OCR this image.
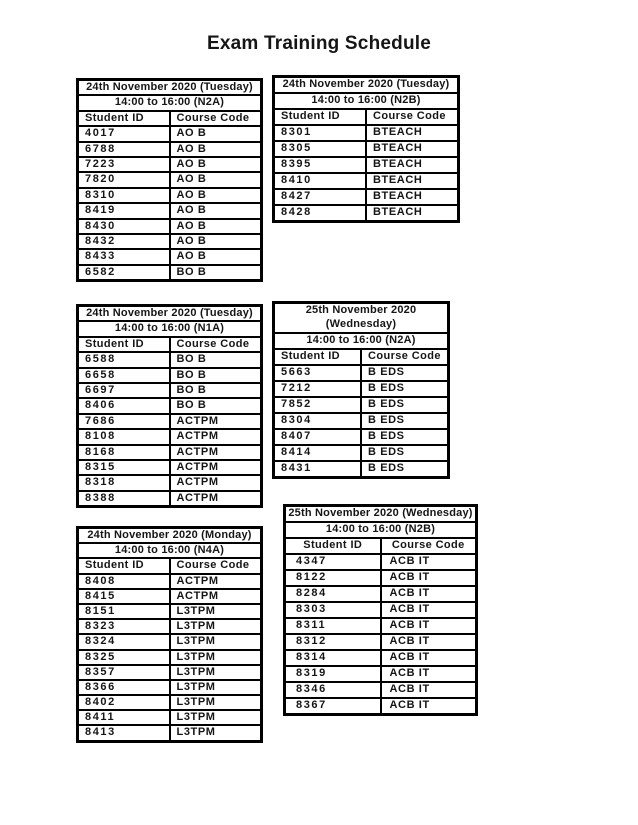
Exam Training Schedule
24th November 2020 (Tuesday)	
14:00 to 16:00 (N2A)	
Student ID	Course Code
4017	AO B
6788	AO B
7223	AO B
7820	AO B
8310	AO B
8419	AO B
8430	AO B
8432	AO B
8433	AO B
6582	BO B
24th November 2020 (Tuesday)	
14:00 to 16:00 (N2B)	
Student ID	Course Code
8301	BTEACH
8305	BTEACH
8395	BTEACH
8410	BTEACH
8427	BTEACH
8428	BTEACH
24th November 2020 (Tuesday)	
14:00 to 16:00 (N1A)	
Student ID	Course Code
6588	BO B
6658	BO B
6697	BO B
8406	BO B
7686	ACTPM
8108	ACTPM
8168	ACTPM
8315	ACTPM
8318	ACTPM
8388	ACTPM
25th November 2020 (Wednesday)	
14:00 to 16:00 (N2A)	
Student ID	Course Code
5663	B EDS
7212	B EDS
7852	B EDS
8304	B EDS
8407	B EDS
8414	B EDS
8431	B EDS
24th November 2020 (Monday)	
14:00 to 16:00 (N4A)	
Student ID	Course Code
8408	ACTPM
8415	ACTPM
8151	L3TPM
8323	L3TPM
8324	L3TPM
8325	L3TPM
8357	L3TPM
8366	L3TPM
8402	L3TPM
8411	L3TPM
8413	L3TPM
25th November 2020 (Wednesday)	
14:00 to 16:00 (N2B)	
Student ID	Course Code
4347	ACB IT
8122	ACB IT
8284	ACB IT
8303	ACB IT
8311	ACB IT
8312	ACB IT
8314	ACB IT
8319	ACB IT
8346	ACB IT
8367	ACB IT
